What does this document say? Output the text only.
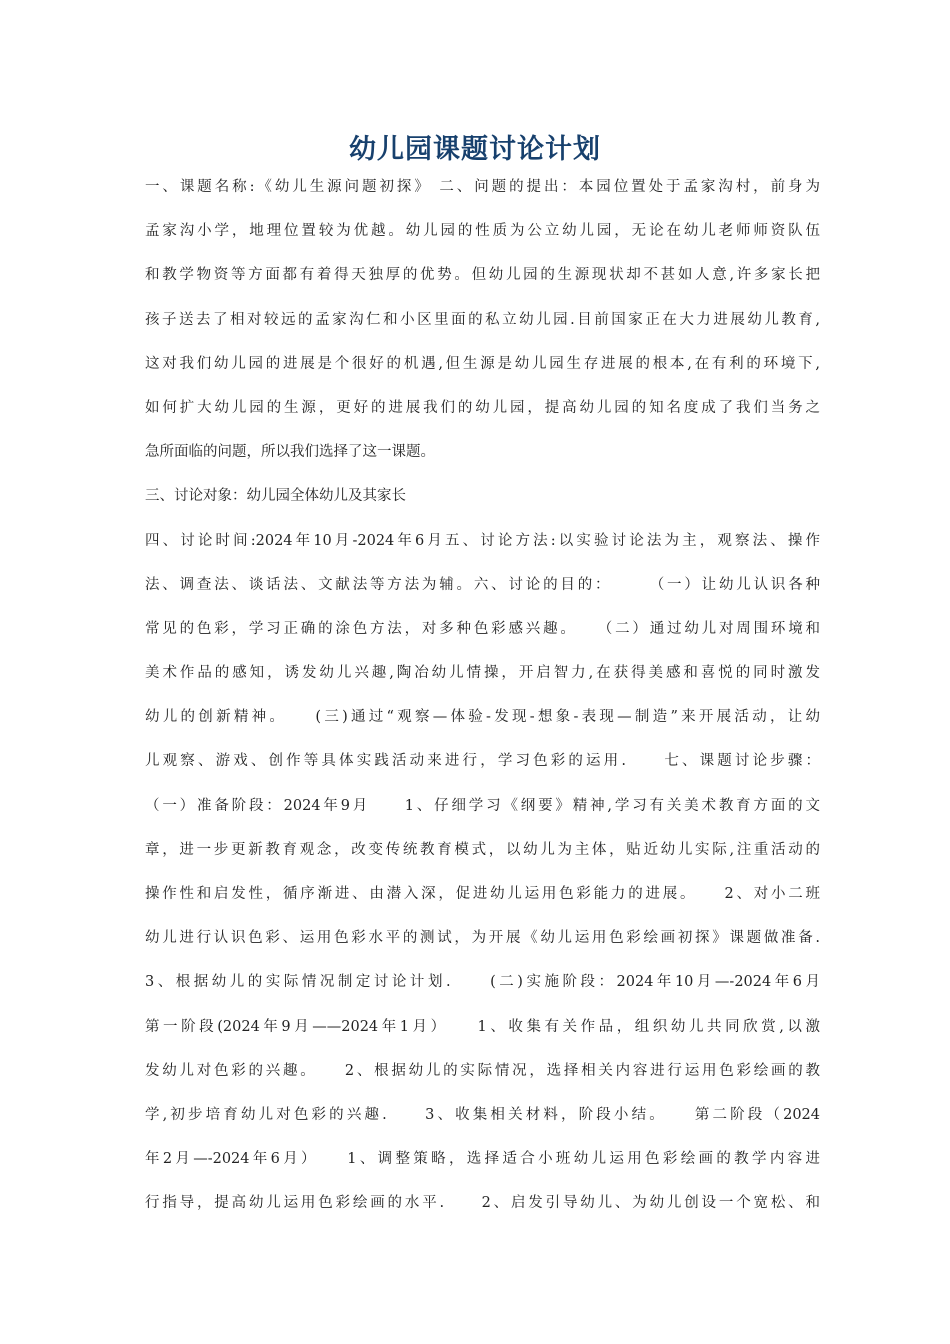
幼儿园课题讨论计划
一、课题名称:《幼儿生源问题初探》 二、问题的提出：本园位置处于孟家沟村，前身为
孟家沟小学，地理位置较为优越。幼儿园的性质为公立幼儿园，无论在幼儿老师师资队伍
和教学物资等方面都有着得天独厚的优势。但幼儿园的生源现状却不甚如人意,许多家长把
孩子送去了相对较远的孟家沟仁和小区里面的私立幼儿园.目前国家正在大力进展幼儿教育,
这对我们幼儿园的进展是个很好的机遇,但生源是幼儿园生存进展的根本,在有利的环境下,
如何扩大幼儿园的生源，更好的进展我们的幼儿园，提高幼儿园的知名度成了我们当务之
急所面临的问题，所以我们选择了这一课题。
三、讨论对象：幼儿园全体幼儿及其家长
四、讨论时间:2024年10月-2024年6月五、讨论方法:以实验讨论法为主，观察法、操作
法、调查法、谈话法、文献法等方法为辅。六、讨论的目的：　　　（一）让幼儿认识各种
常见的色彩，学习正确的涂色方法，对多种色彩感兴趣。　　（二）通过幼儿对周围环境和
美术作品的感知，诱发幼儿兴趣,陶冶幼儿情操，开启智力,在获得美感和喜悦的同时激发
幼儿的创新精神。　　(三)通过“观察—体验-发现-想象-表现—制造”来开展活动，让幼
儿观察、游戏、创作等具体实践活动来进行，学习色彩的运用.　　七、课题讨论步骤：
（一）准备阶段：2024年9月　　1、仔细学习《纲要》精神,学习有关美术教育方面的文
章，进一步更新教育观念，改变传统教育模式，以幼儿为主体，贴近幼儿实际,注重活动的
操作性和启发性，循序渐进、由潜入深，促进幼儿运用色彩能力的进展。　　2、对小二班
幼儿进行认识色彩、运用色彩水平的测试，为开展《幼儿运用色彩绘画初探》课题做准备.
3、根据幼儿的实际情况制定讨论计划.　　(二)实施阶段：2024年10月—-2024年6月
第一阶段(2024年9月——2024年1月）　　1、收集有关作品，组织幼儿共同欣赏,以激
发幼儿对色彩的兴趣。　　2、根据幼儿的实际情况，选择相关内容进行运用色彩绘画的教
学,初步培育幼儿对色彩的兴趣.　　3、收集相关材料，阶段小结。　　第二阶段（2024
年2月—-2024年6月）　　1、调整策略，选择适合小班幼儿运用色彩绘画的教学内容进
行指导，提高幼儿运用色彩绘画的水平.　　2、启发引导幼儿、为幼儿创设一个宽松、和
